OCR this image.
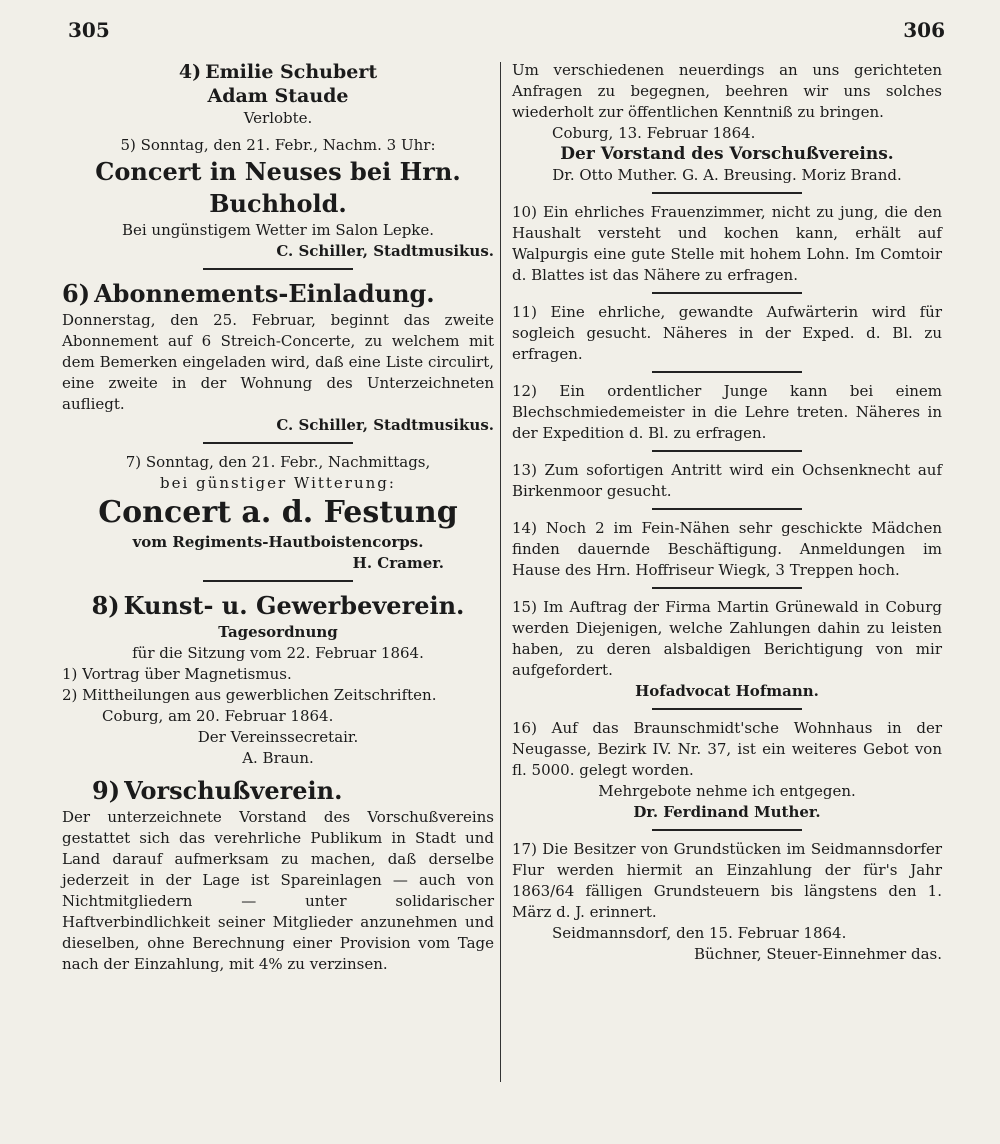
305	306

4) Emilie Schubert

Adam Staude

Verlobte.

5) Sonntag, den 21. Febr., Nachm. 3 Uhr:

Concert in Neuses bei Hrn. Buchhold.

Bei ungünstigem Wetter im Salon Lepke.

C. Schiller, Stadtmusikus.

6) Abonnements-Einladung.

Donnerstag, den 25. Februar, beginnt das zweite Abonnement auf 6 Streich-Concerte, zu welchem mit dem Bemerken eingeladen wird, daß eine Liste circulirt, eine zweite in der Wohnung des Unterzeichneten aufliegt.

C. Schiller, Stadtmusikus.

7) Sonntag, den 21. Febr., Nachmittags,

bei günstiger Witterung:

Concert a. d. Festung

vom Regiments-Hautboistencorps.

H. Cramer.

8) Kunst- u. Gewerbeverein.

Tagesordnung

für die Sitzung vom 22. Februar 1864.

1) Vortrag über Magnetismus.

2) Mittheilungen aus gewerblichen Zeitschriften.

Coburg, am 20. Februar 1864.

Der Vereinssecretair.

A. Braun.

9) Vorschußverein.

Der unterzeichnete Vorstand des Vorschußvereins gestattet sich das verehrliche Publikum in Stadt und Land darauf aufmerksam zu machen, daß derselbe jederzeit in der Lage ist Spareinlagen — auch von Nichtmitgliedern — unter solidarischer Haftverbindlichkeit seiner Mitglieder anzunehmen und dieselben, ohne Berechnung einer Provision vom Tage nach der Einzahlung, mit 4% zu verzinsen.

Um verschiedenen neuerdings an uns gerichteten Anfragen zu begegnen, beehren wir uns solches wiederholt zur öffentlichen Kenntniß zu bringen.

Coburg, 13. Februar 1864.

Der Vorstand des Vorschußvereins.

Dr. Otto Muther. G. A. Breusing. Moriz Brand.

10) Ein ehrliches Frauenzimmer, nicht zu jung, die den Haushalt versteht und kochen kann, erhält auf Walpurgis eine gute Stelle mit hohem Lohn. Im Comtoir d. Blattes ist das Nähere zu erfragen.

11) Eine ehrliche, gewandte Aufwärterin wird für sogleich gesucht. Näheres in der Exped. d. Bl. zu erfragen.

12) Ein ordentlicher Junge kann bei einem Blechschmiedemeister in die Lehre treten. Näheres in der Expedition d. Bl. zu erfragen.

13) Zum sofortigen Antritt wird ein Ochsenknecht auf Birkenmoor gesucht.

14) Noch 2 im Fein-Nähen sehr geschickte Mädchen finden dauernde Beschäftigung. Anmeldungen im Hause des Hrn. Hoffriseur Wiegk, 3 Treppen hoch.

15) Im Auftrag der Firma Martin Grünewald in Coburg werden Diejenigen, welche Zahlungen dahin zu leisten haben, zu deren alsbaldigen Berichtigung von mir aufgefordert.

Hofadvocat Hofmann.

16) Auf das Braunschmidt'sche Wohnhaus in der Neugasse, Bezirk IV. Nr. 37, ist ein weiteres Gebot von fl. 5000. gelegt worden.

Mehrgebote nehme ich entgegen.

Dr. Ferdinand Muther.

17) Die Besitzer von Grundstücken im Seidmannsdorfer Flur werden hiermit an Einzahlung der für's Jahr 1863/64 fälligen Grundsteuern bis längstens den 1. März d. J. erinnert.

Seidmannsdorf, den 15. Februar 1864.

Büchner, Steuer-Einnehmer das.
